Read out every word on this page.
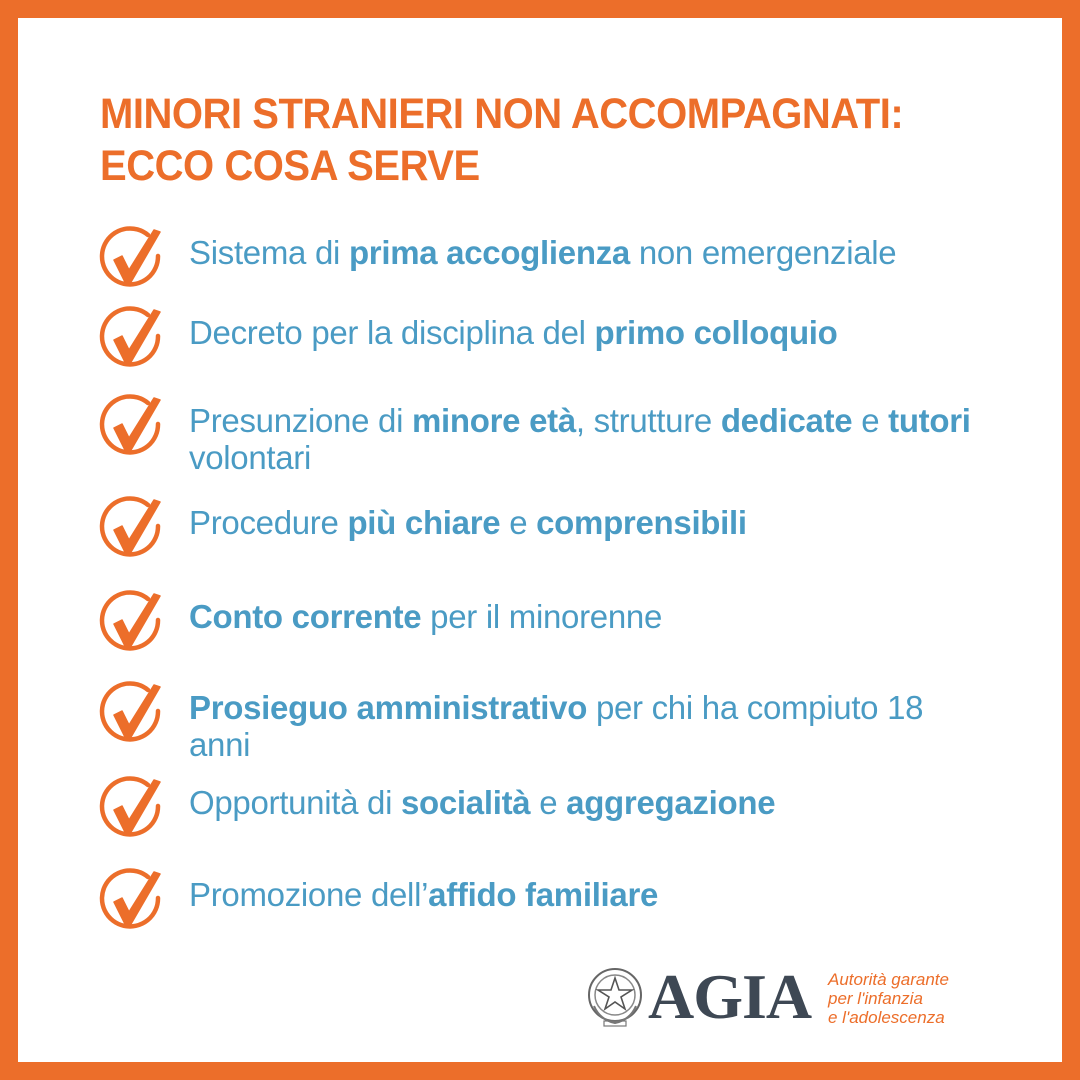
MINORI STRANIERI NON ACCOMPAGNATI:
ECCO COSA SERVE
Sistema di prima accoglienza non emergenziale
Decreto per la disciplina del primo colloquio
Presunzione di minore età, strutture dedicate e tutori volontari
Procedure più chiare e comprensibili
Conto corrente per il minorenne
Prosieguo amministrativo per chi ha compiuto 18 anni
Opportunità di socialità e aggregazione
Promozione dell’affido familiare
AGIA Autorità garante
per l'infanzia
e l'adolescenza
